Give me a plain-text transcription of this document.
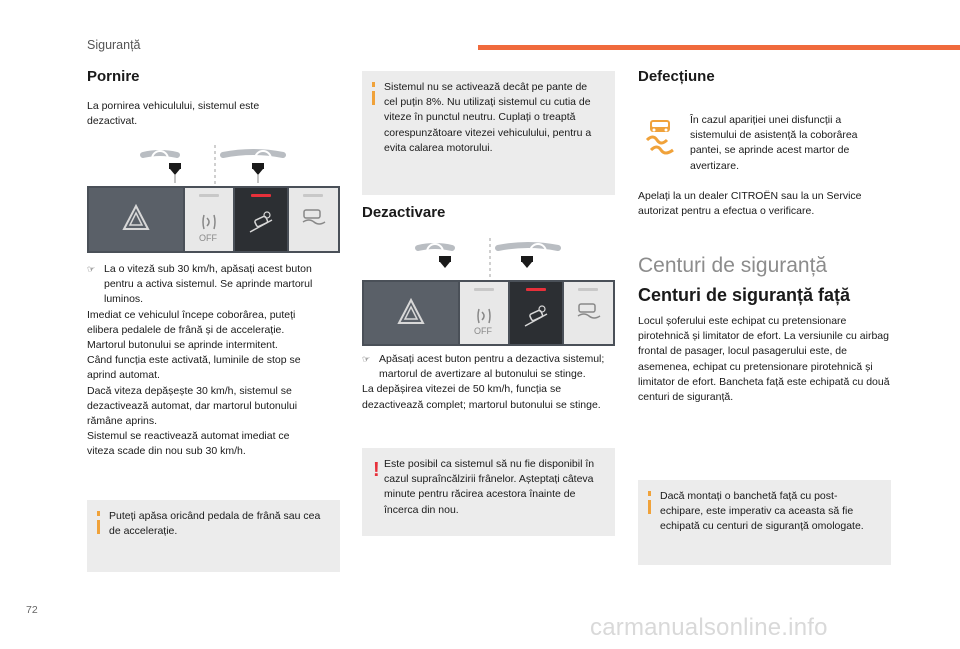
Siguranță
Pornire
La pornirea vehiculului, sistemul este dezactivat.
OFF
☞ La o viteză sub 30 km/h, apăsați acest buton pentru a activa sistemul. Se aprinde martorul luminos.

Imediat ce vehiculul începe coborârea, puteți

elibera pedalele de frână și de accelerație.

Martorul butonului se aprinde intermitent.

Când funcția este activată, luminile de stop se

aprind automat.

Dacă viteza depășește 30 km/h, sistemul se

dezactivează automat, dar martorul butonului

rămâne aprins.

Sistemul se reactivează automat imediat ce

viteza scade din nou sub 30 km/h.

Puteți apăsa oricând pedala de frână sau cea de accelerație.
Sistemul nu se activează decât pe pante de cel puțin 8%. Nu utilizați sistemul cu cutia de viteze în punctul neutru. Cuplați o treaptă corespunzătoare vitezei vehiculului, pentru a evita calarea motorului.
Dezactivare
OFF
☞ Apăsați acest buton pentru a dezactiva sistemul; martorul de avertizare al butonului se stinge.

La depășirea vitezei de 50 km/h, funcția se dezactivează complet; martorul butonului se stinge.

! Este posibil ca sistemul să nu fie disponibil în cazul supraîncălzirii frânelor. Așteptați câteva minute pentru răcirea acestora înainte de încerca din nou.
Defecțiune
În cazul apariției unei disfuncții a sistemului de asistență la coborârea pantei, se aprinde acest martor de avertizare.
Apelați la un dealer CITROËN sau la un Service autorizat pentru a efectua o verificare.
Centuri de siguranță
Centuri de siguranță față
Locul șoferului este echipat cu pretensionare pirotehnică și limitator de efort. La versiunile cu airbag frontal de pasager, locul pasagerului este, de asemenea, echipat cu pretensionare pirotehnică și limitator de efort. Bancheta față este echipată cu două centuri de siguranță.
Dacă montați o banchetă față cu post-echipare, este imperativ ca aceasta să fie echipată cu centuri de siguranță omologate.
72
carmanualsonline.info
